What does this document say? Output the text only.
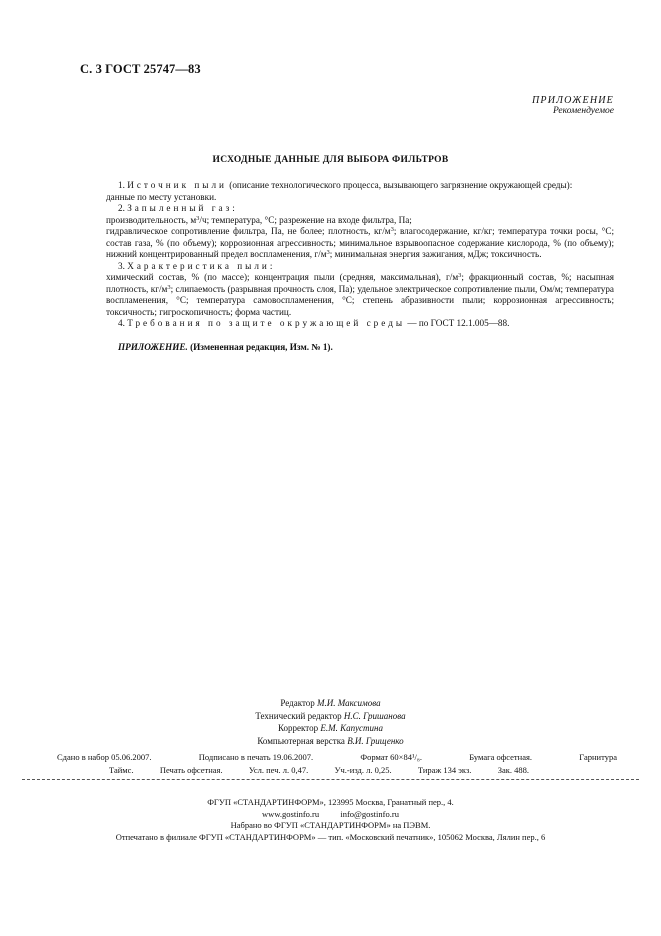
С. 3 ГОСТ 25747—83
ПРИЛОЖЕНИЕ
Рекомендуемое
ИСХОДНЫЕ ДАННЫЕ ДЛЯ ВЫБОРА ФИЛЬТРОВ

1. Источник пыли (описание технологического процесса, вызывающего загрязнение окружающей среды):

данные по месту установки.

2. Запыленный газ:

производительность, $м^3/ч$; температура, °С; разрежение на входе фильтра, Па;

гидравлическое сопротивление фильтра, Па, не более; плотность, $кг/м^3$; влагосодержание, кг/кг; температура точки росы, °С; состав газа, % (по объему); коррозионная агрессивность; минимальное взрывоопасное содержание кислорода, % (по объему); нижний концентрированный предел воспламенения, $г/м^3$; минимальная энергия зажигания, мДж; токсичность.

3. Характеристика пыли:

химический состав, % (по массе); концентрация пыли (средняя, максимальная), $г/м^3$; фракционный состав, %; насыпная плотность, $кг/м^3$; слипаемость (разрывная прочность слоя, Па); удельное электрическое сопротивление пыли, Ом/м; температура воспламенения, °С; температура самовоспламенения, °С; степень абразивности пыли; коррозионная агрессивность; токсичность; гигроскопичность; форма частиц.

4. Требования по защите окружающей среды — по ГОСТ 12.1.005—88.

ПРИЛОЖЕНИЕ. (Измененная редакция, Изм. № 1).

Редактор М.И. Максимова
Технический редактор Н.С. Гришанова
Корректор Е.М. Капустина
Компьютерная верстка В.И. Грищенко
Сдано в набор 05.06.2007.	Подписано в печать 19.06.2007.	Формат 60×84¹/₈.	Бумага офсетная.	Гарнитура
Таймс.	Печать офсетная.	Усл. печ. л. 0,47.	Уч.-изд. л. 0,25.	Тираж 134 экз.	Зак. 488.
ФГУП «СТАНДАРТИНФОРМ», 123995 Москва, Гранатный пер., 4.
www.gostinfo.ru          info@gostinfo.ru
Набрано во ФГУП «СТАНДАРТИНФОРМ» на ПЭВМ.
Отпечатано в филиале ФГУП «СТАНДАРТИНФОРМ» — тип. «Московский печатник», 105062 Москва, Лялин пер., 6
